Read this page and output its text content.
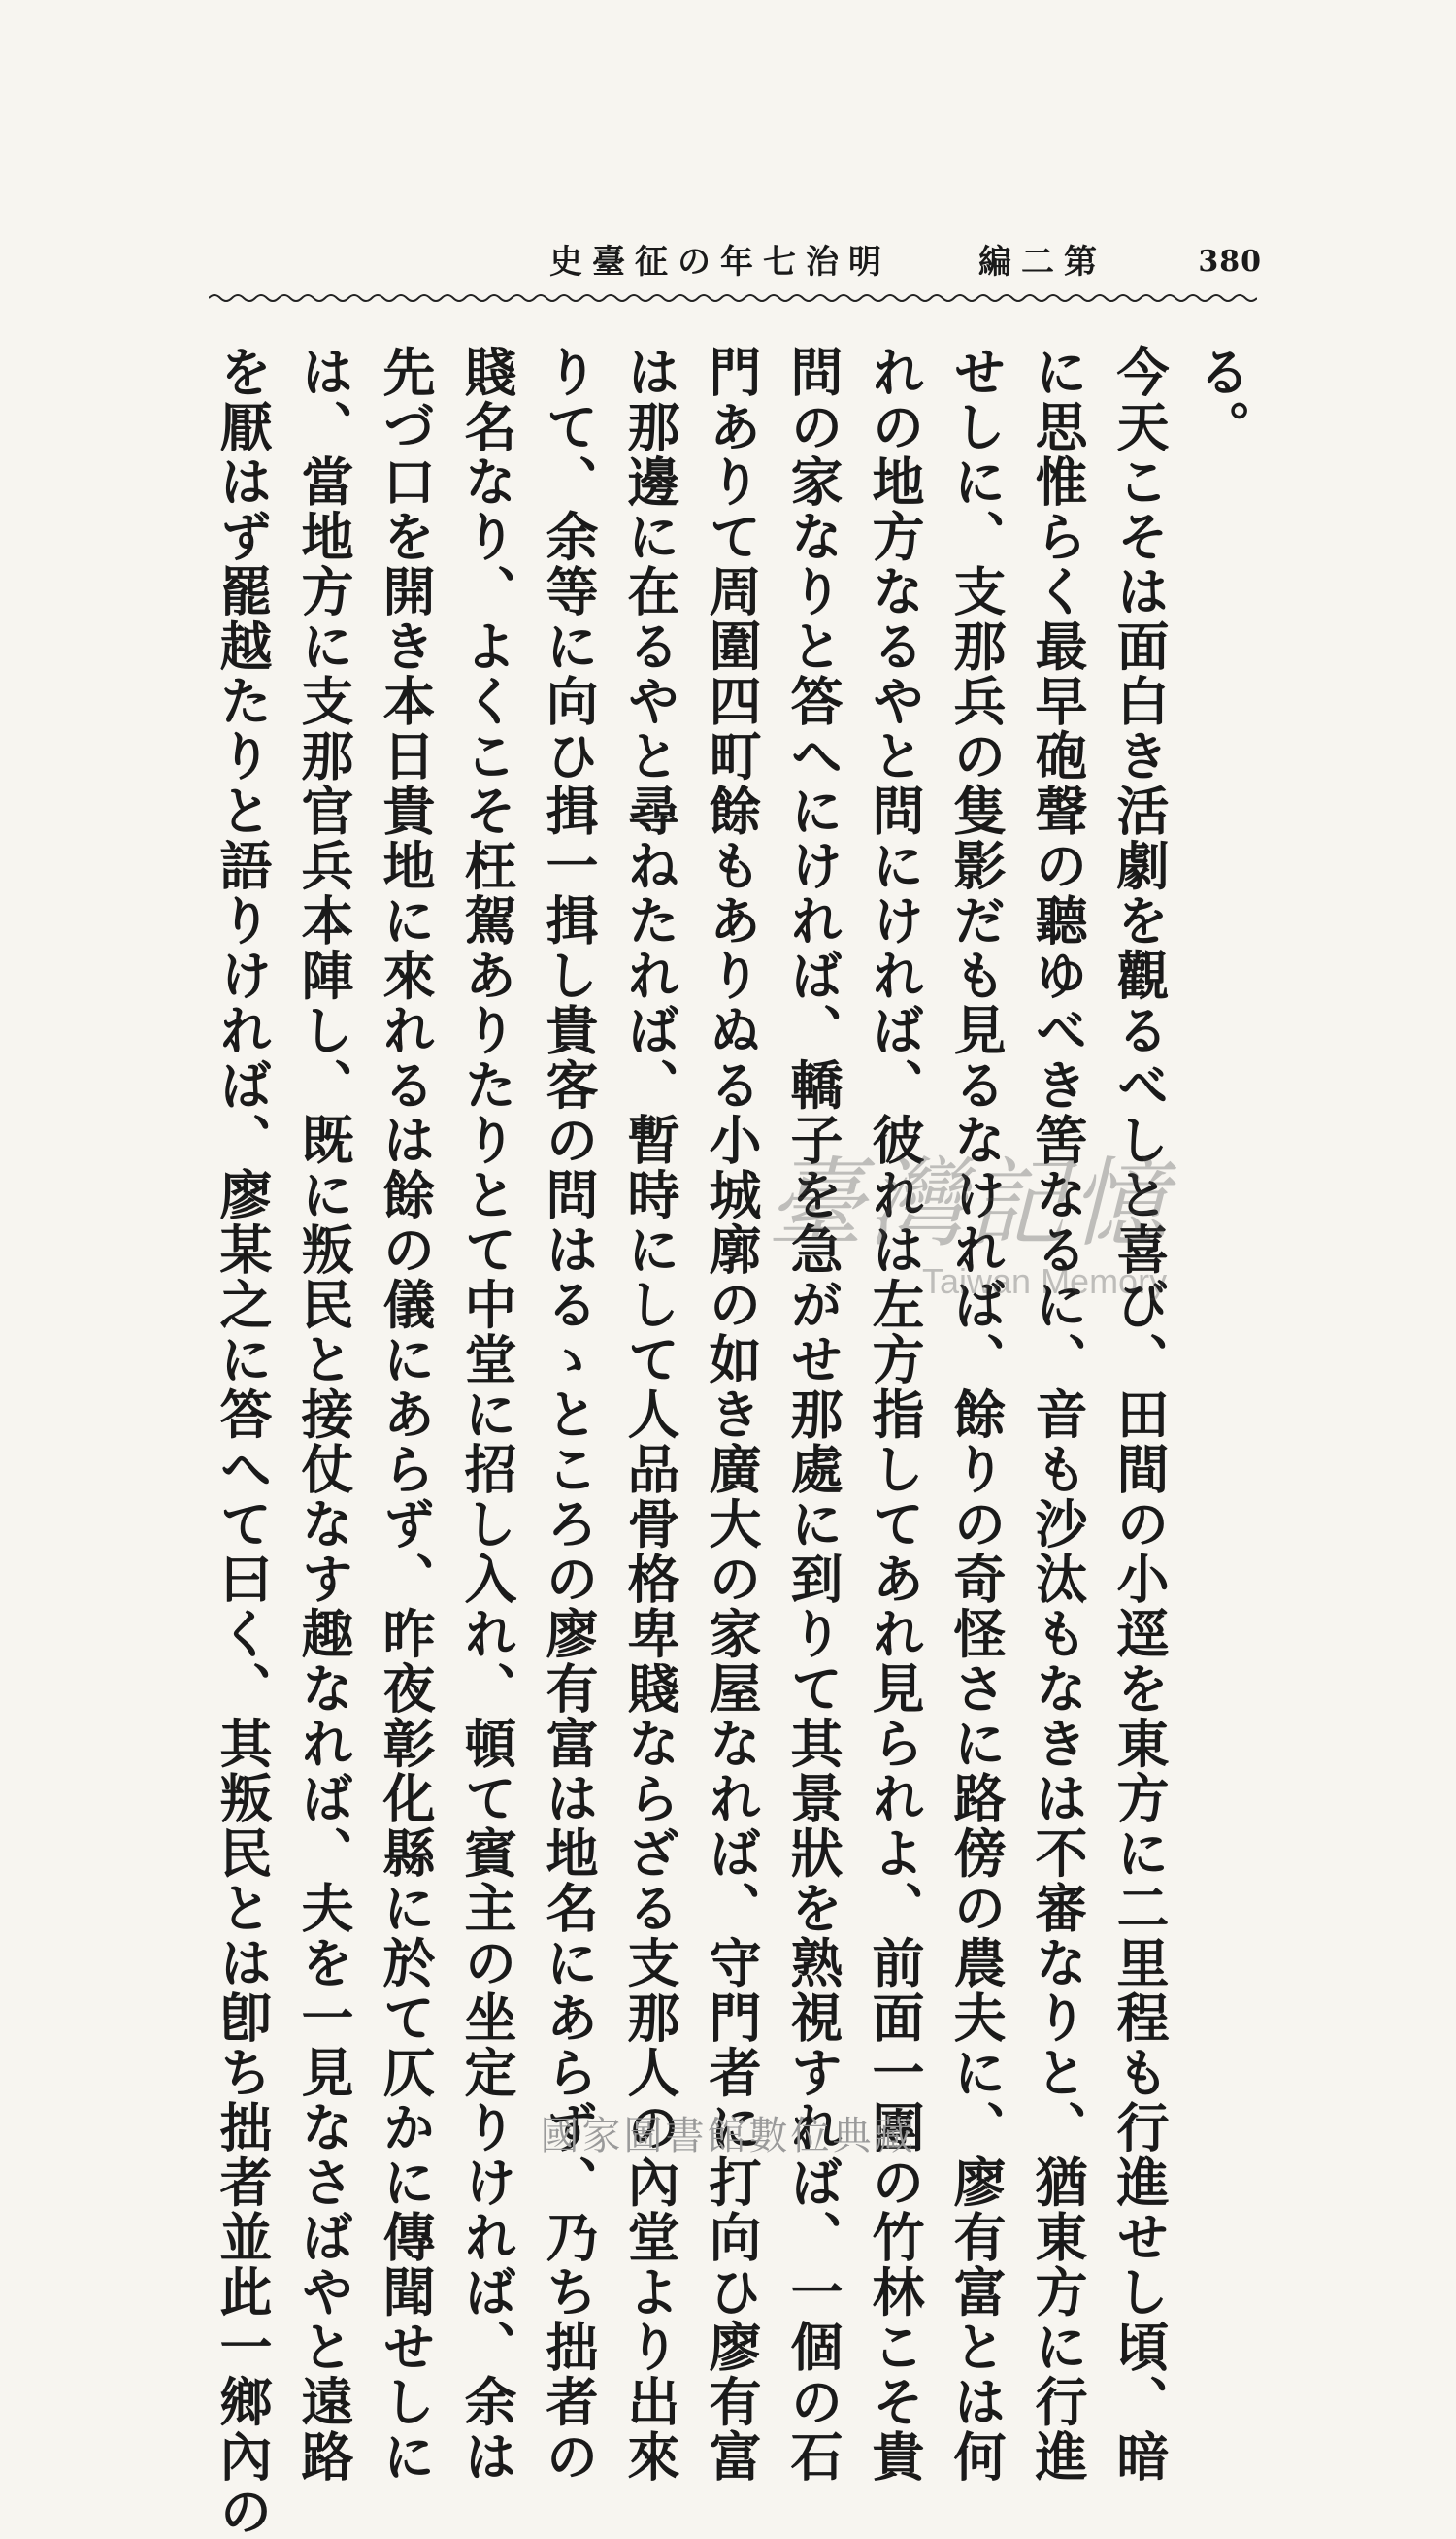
第二編
明治七年の征臺史	380
る。
今天こそは面白き活劇を觀るべしと喜び、田間の小逕を東方に二里程も行進せし頃、暗
に思惟らく最早砲聲の聽ゆべき筈なるに、音も沙汰もなきは不審なりと、猶東方に行進
せしに、支那兵の隻影だも見るなければ、餘りの奇怪さに路傍の農夫に、廖有富とは何
れの地方なるやと問にければ、彼れは左方指してあれ見られよ、前面一團の竹林こそ貴
問の家なりと答へにければ、轎子を急がせ那處に到りて其景狀を熟視すれば、一個の石
門ありて周圍四町餘もありぬる小城廓の如き廣大の家屋なれば、守門者に打向ひ廖有富
は那邊に在るやと尋ねたれば、暫時にして人品骨格卑賤ならざる支那人の內堂より出來
りて、余等に向ひ揖一揖し貴客の問はるゝところの廖有富は地名にあらず、乃ち拙者の
賤名なり、よくこそ枉駕ありたりとて中堂に招し入れ、頓て賓主の坐定りければ、余は
先づ口を開き本日貴地に來れるは餘の儀にあらず、昨夜彰化縣に於て仄かに傳聞せしに
は、當地方に支那官兵本陣し、既に叛民と接仗なす趣なれば、夫を一見なさばやと遠路
を厭はず罷越たりと語りければ、廖某之に答へて曰く、其叛民とは卽ち拙者並此一鄉內の	臺灣記憶
Taiwan Memory
國家圖書館數位典藏
